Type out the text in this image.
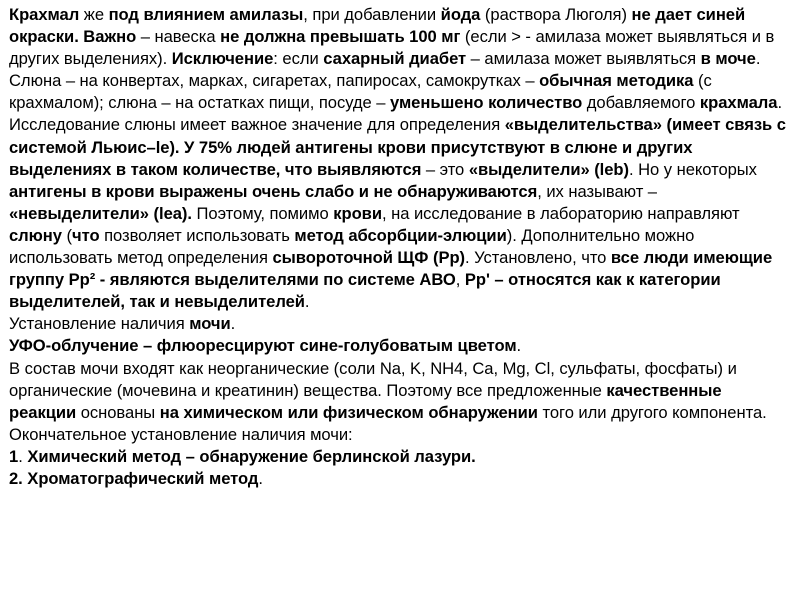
Крахмал же под влиянием амилазы, при добавлении йода (раствора Люголя) не дает синей окраски. Важно – навеска не должна превышать 100 мг (если > - амилаза может выявляться и в других выделениях). Исключение: если сахарный диабет – амилаза может выявляться в моче.

Слюна – на конвертах, марках, сигаретах, папиросах, самокрутках – обычная методика (с крахмалом); слюна – на остатках пищи, посуде – уменьшено количество добавляемого крахмала.

Исследование слюны имеет важное значение для определения «выделительства» (имеет связь с системой Льюис–le). У 75% людей антигены крови присутствуют в слюне и других выделениях в таком количестве, что выявляются – это «выделители» (leb). Но у некоторых антигены в крови выражены очень слабо и не обнаруживаются, их называют – «невыделители» (lea). Поэтому, помимо крови, на исследование в лабораторию направляют слюну (что позволяет использовать метод абсорбции-элюции). Дополнительно можно использовать метод определения сывороточной ЩФ (Pp). Установлено, что все люди имеющие группу Pp² - являются выделителями по системе АВО, Pp' – относятся как к категории выделителей, так и невыделителей.

Установление наличия мочи.

УФО-облучение – флюоресцируют сине-голубоватым цветом.

В состав мочи входят как неорганические (соли Na, K, NH4, Ca, Mg, Cl, сульфаты, фосфаты) и органические (мочевина и креатинин) вещества. Поэтому все предложенные качественные реакции основаны на химическом или физическом обнаружении того или другого компонента.

Окончательное установление наличия мочи:

1. Химический метод – обнаружение берлинской лазури.

2. Хроматографический метод.
